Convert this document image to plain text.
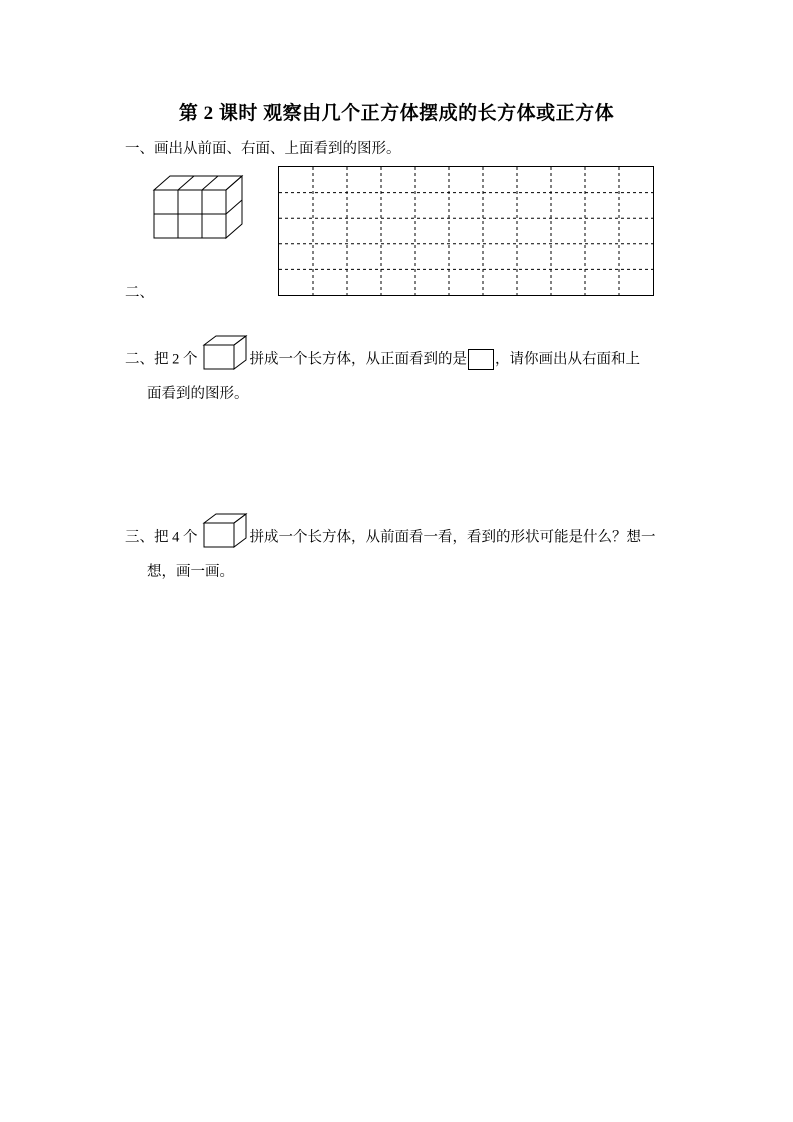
第 2 课时 观察由几个正方体摆成的长方体或正方体
一、画出从前面、右面、上面看到的图形。
二、
二、把 2 个	拼成一个长方体，从正面看到的是 ，请你画出从右面和上
面看到的图形。
三、把 4 个	拼成一个长方体，从前面看一看，看到的形状可能是什么？想一
想，画一画。
